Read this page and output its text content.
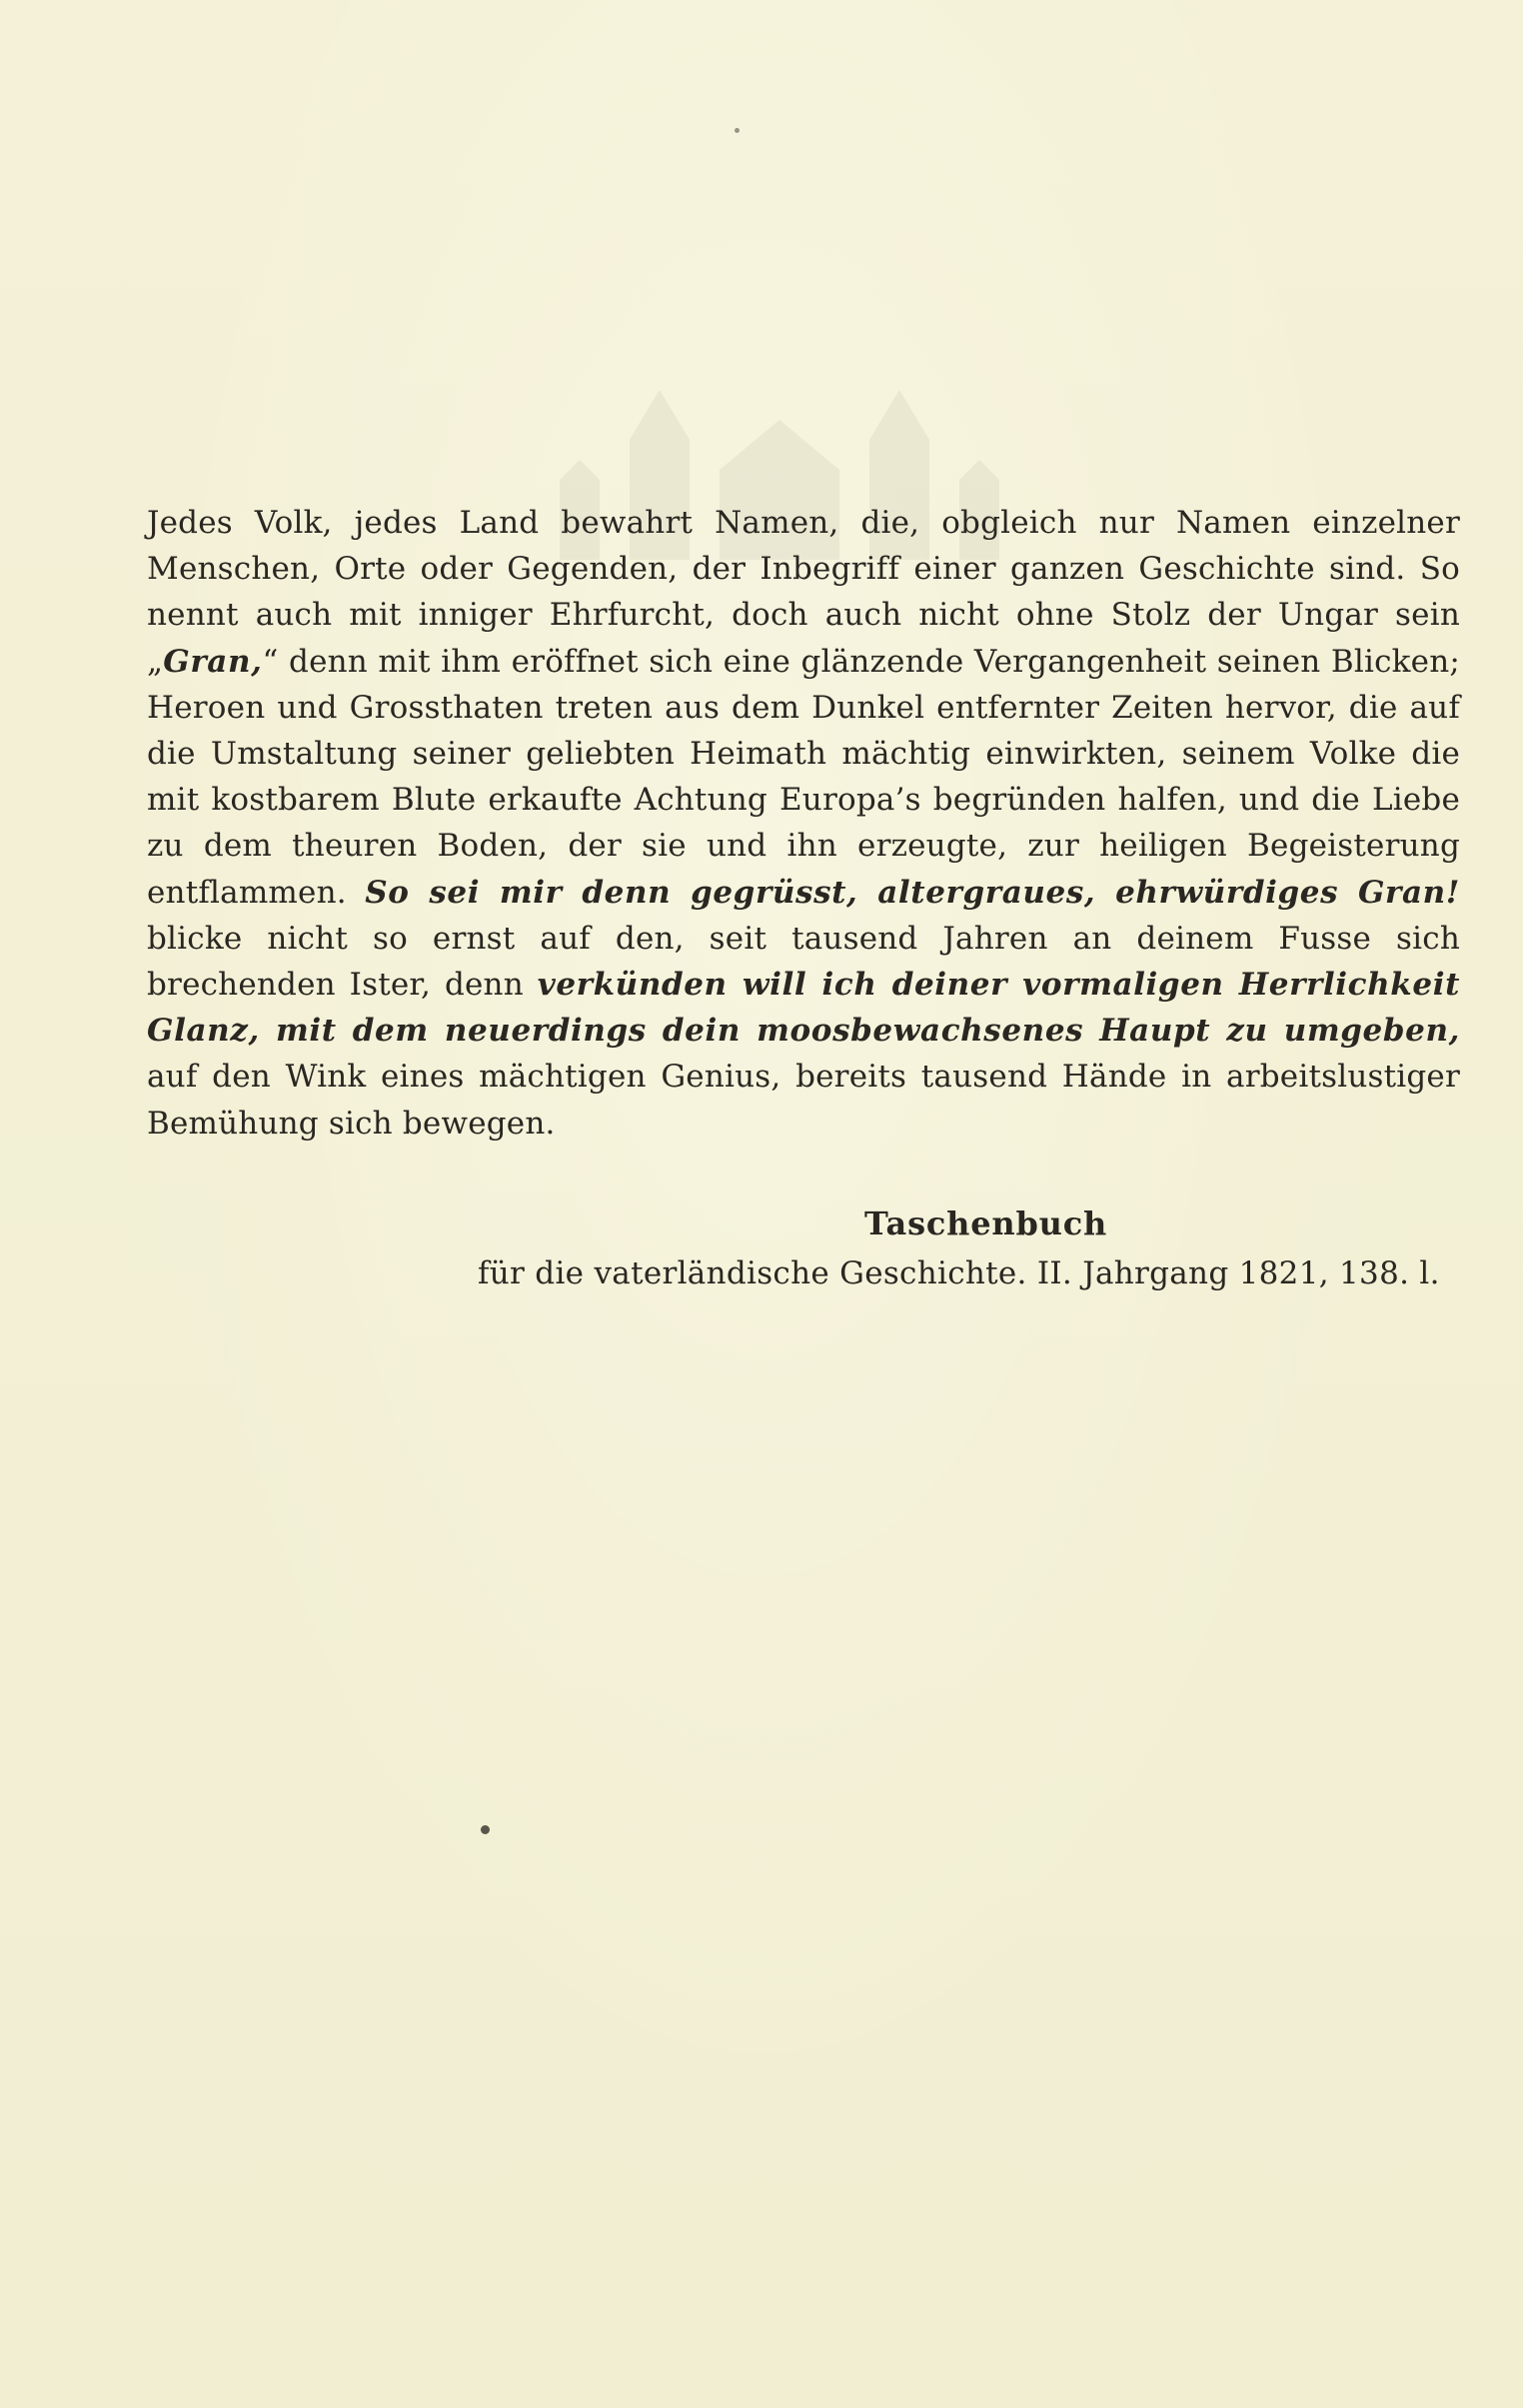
Jedes Volk, jedes Land bewahrt Namen, die, obgleich nur Namen einzelner Menschen, Orte oder Gegenden, der Inbegriff einer ganzen Geschichte sind. So nennt auch mit inniger Ehrfurcht, doch auch nicht ohne Stolz der Ungar sein „Gran,“ denn mit ihm eröffnet sich eine glänzende Vergangenheit seinen Blicken; Heroen und Grossthaten treten aus dem Dunkel entfernter Zeiten hervor, die auf die Umstaltung seiner geliebten Heimath mächtig einwirkten, seinem Volke die mit kostbarem Blute erkaufte Achtung Europa’s begründen halfen, und die Liebe zu dem theuren Boden, der sie und ihn erzeugte, zur heiligen Begeisterung entflammen. So sei mir denn gegrüsst, altergraues, ehrwürdiges Gran! blicke nicht so ernst auf den, seit tausend Jahren an deinem Fusse sich brechenden Ister, denn verkünden will ich deiner vormaligen Herrlichkeit Glanz, mit dem neuerdings dein moosbewachsenes Haupt zu umgeben, auf den Wink eines mächtigen Genius, bereits tausend Hände in arbeitslustiger Bemühung sich bewegen.

Taschenbuch
für die vaterländische Geschichte. II. Jahrgang 1821, 138. l.
